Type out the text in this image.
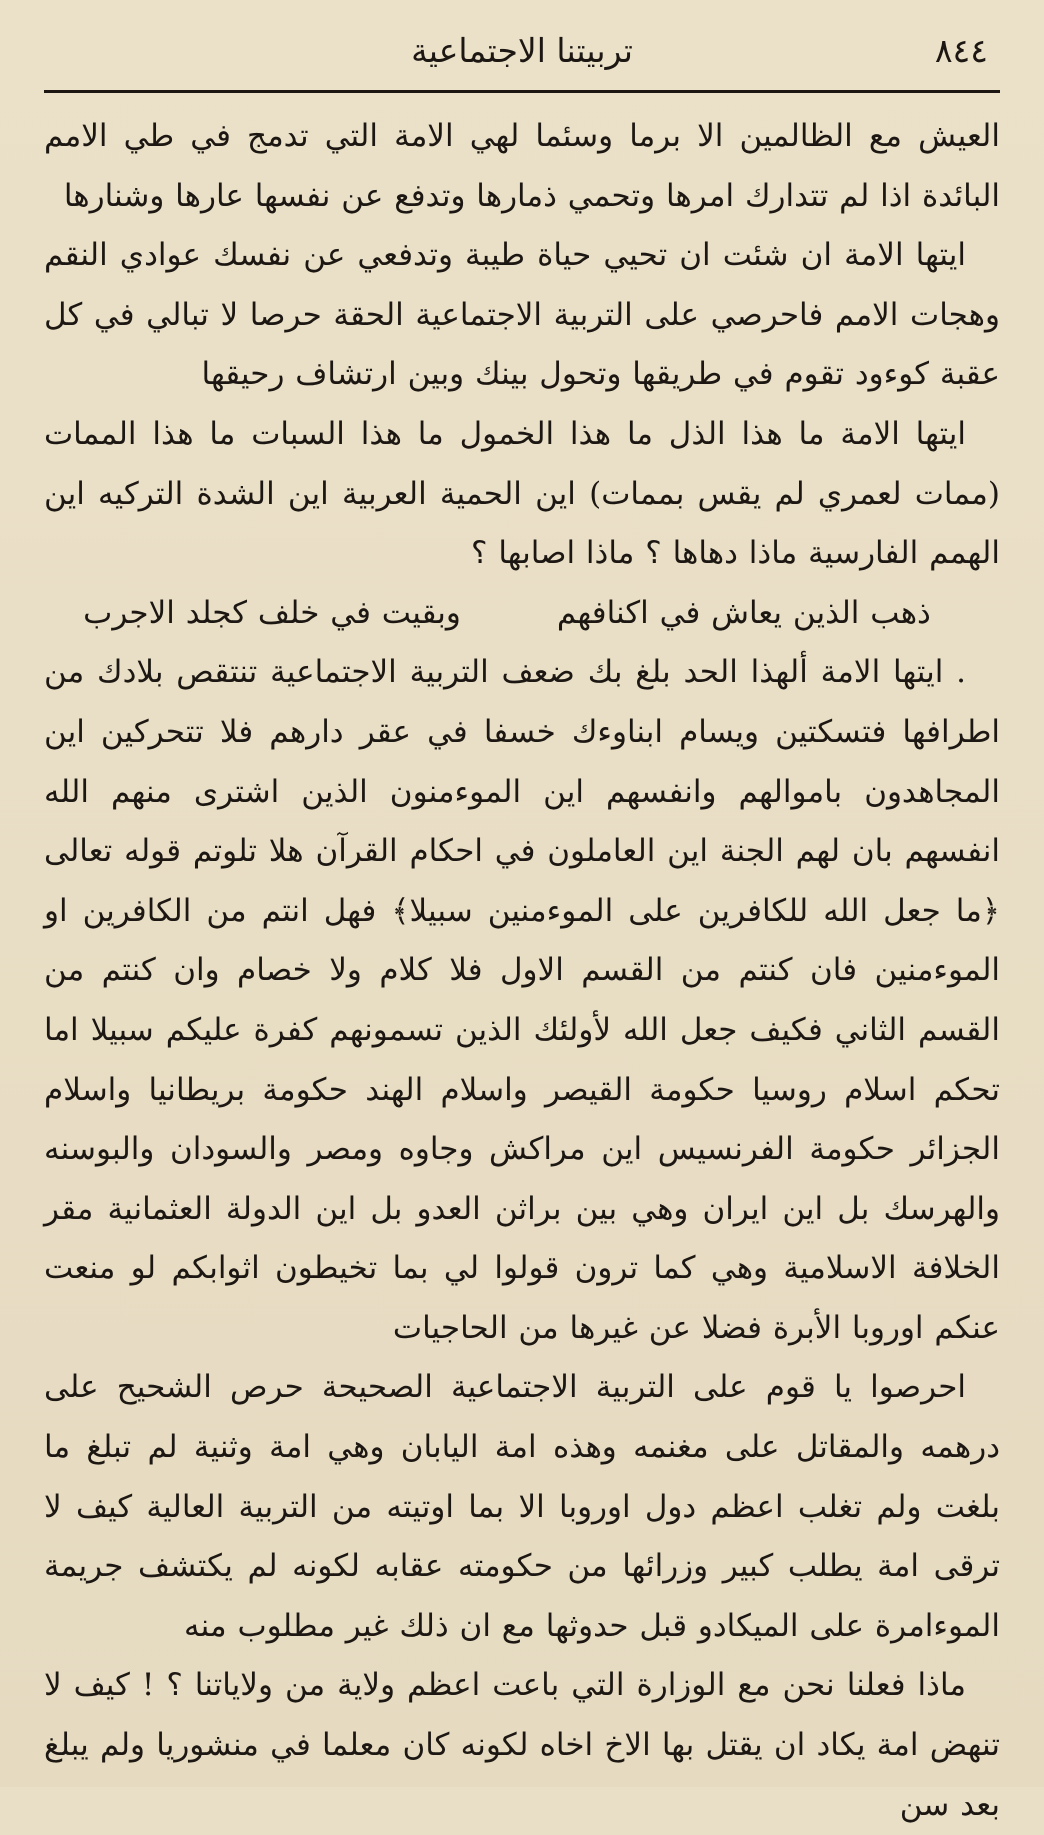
تربيتنا الاجتماعية	٨٤٤

العيش مع الظالمين الا برما وسئما لهي الامة التي تدمج في طي الامم البائدة اذا لم تتدارك امرها وتحمي ذمارها وتدفع عن نفسها عارها وشنارها

ايتها الامة ان شئت ان تحيي حياة طيبة وتدفعي عن نفسك عوادي النقم وهجات الامم فاحرصي على التربية الاجتماعية الحقة حرصا لا تبالي في كل عقبة كوءود تقوم في طريقها وتحول بينك وبين ارتشاف رحيقها

ايتها الامة ما هذا الذل ما هذا الخمول ما هذا السبات ما هذا الممات (ممات لعمري لم يقس بممات) اين الحمية العربية اين الشدة التركيه اين الهمم الفارسية ماذا دهاها ؟ ماذا اصابها ؟

ذهب الذين يعاش في اكنافهم
وبقيت في خلف كجلد الاجرب

. ايتها الامة ألهذا الحد بلغ بك ضعف التربية الاجتماعية تنتقص بلادك من اطرافها فتسكتين ويسام ابناوءك خسفا في عقر دارهم فلا تتحركين اين المجاهدون باموالهم وانفسهم اين الموءمنون الذين اشترى منهم الله انفسهم بان لهم الجنة اين العاملون في احكام القرآن هلا تلوتم قوله تعالى ﴿ما جعل الله للكافرين على الموءمنين سبيلا﴾ فهل انتم من الكافرين او الموءمنين فان كنتم من القسم الاول فلا كلام ولا خصام وان كنتم من القسم الثاني فكيف جعل الله لأولئك الذين تسمونهم كفرة عليكم سبيلا اما تحكم اسلام روسيا حكومة القيصر واسلام الهند حكومة بريطانيا واسلام الجزائر حكومة الفرنسيس اين مراكش وجاوه ومصر والسودان والبوسنه والهرسك بل اين ايران وهي بين براثن العدو بل اين الدولة العثمانية مقر الخلافة الاسلامية وهي كما ترون قولوا لي بما تخيطون اثوابكم لو منعت عنكم اوروبا الأبرة فضلا عن غيرها من الحاجيات

احرصوا يا قوم على التربية الاجتماعية الصحيحة حرص الشحيح على درهمه والمقاتل على مغنمه وهذه امة اليابان وهي امة وثنية لم تبلغ ما بلغت ولم تغلب اعظم دول اوروبا الا بما اوتيته من التربية العالية كيف لا ترقى امة يطلب كبير وزرائها من حكومته عقابه لكونه لم يكتشف جريمة الموءامرة على الميكادو قبل حدوثها مع ان ذلك غير مطلوب منه

ماذا فعلنا نحن مع الوزارة التي باعت اعظم ولاية من ولاياتنا ؟ ! كيف لا تنهض امة يكاد ان يقتل بها الاخ اخاه لكونه كان معلما في منشوريا ولم يبلغ بعد سن
